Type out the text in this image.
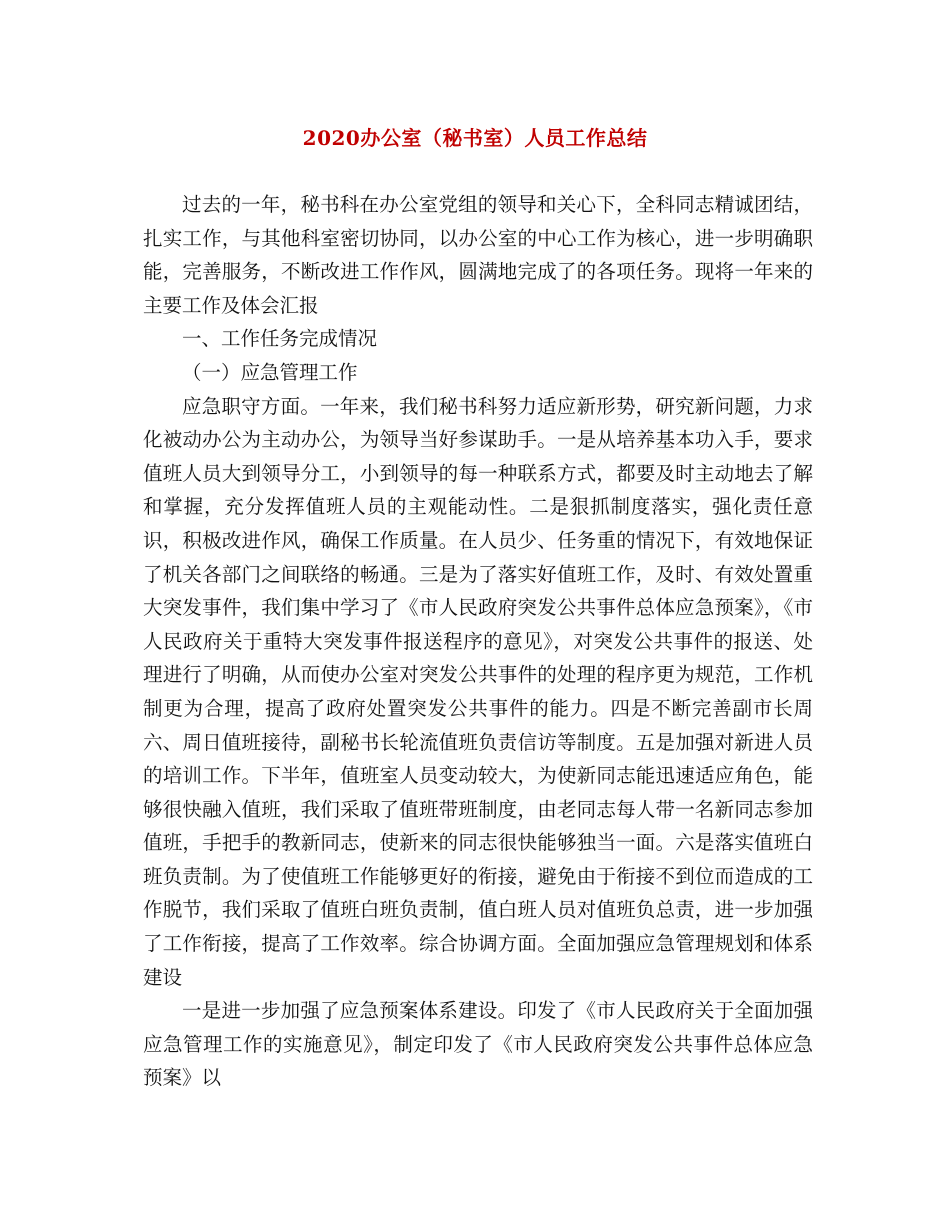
2020办公室（秘书室）人员工作总结

过去的一年，秘书科在办公室党组的领导和关心下，全科同志精诚团结，扎实工作，与其他科室密切协同，以办公室的中心工作为核心，进一步明确职能，完善服务，不断改进工作作风，圆满地完成了的各项任务。现将一年来的主要工作及体会汇报

一、工作任务完成情况

（一）应急管理工作

应急职守方面。一年来，我们秘书科努力适应新形势，研究新问题，力求化被动办公为主动办公，为领导当好参谋助手。一是从培养基本功入手，要求值班人员大到领导分工，小到领导的每一种联系方式，都要及时主动地去了解和掌握，充分发挥值班人员的主观能动性。二是狠抓制度落实，强化责任意识，积极改进作风，确保工作质量。在人员少、任务重的情况下，有效地保证了机关各部门之间联络的畅通。三是为了落实好值班工作，及时、有效处置重大突发事件，我们集中学习了《市人民政府突发公共事件总体应急预案》，《市人民政府关于重特大突发事件报送程序的意见》，对突发公共事件的报送、处理进行了明确，从而使办公室对突发公共事件的处理的程序更为规范，工作机制更为合理，提高了政府处置突发公共事件的能力。四是不断完善副市长周六、周日值班接待，副秘书长轮流值班负责信访等制度。五是加强对新进人员的培训工作。下半年，值班室人员变动较大，为使新同志能迅速适应角色，能够很快融入值班，我们采取了值班带班制度，由老同志每人带一名新同志参加值班，手把手的教新同志，使新来的同志很快能够独当一面。六是落实值班白班负责制。为了使值班工作能够更好的衔接，避免由于衔接不到位而造成的工作脱节，我们采取了值班白班负责制，值白班人员对值班负总责，进一步加强了工作衔接，提高了工作效率。综合协调方面。全面加强应急管理规划和体系建设

一是进一步加强了应急预案体系建设。印发了《市人民政府关于全面加强应急管理工作的实施意见》，制定印发了《市人民政府突发公共事件总体应急预案》以
